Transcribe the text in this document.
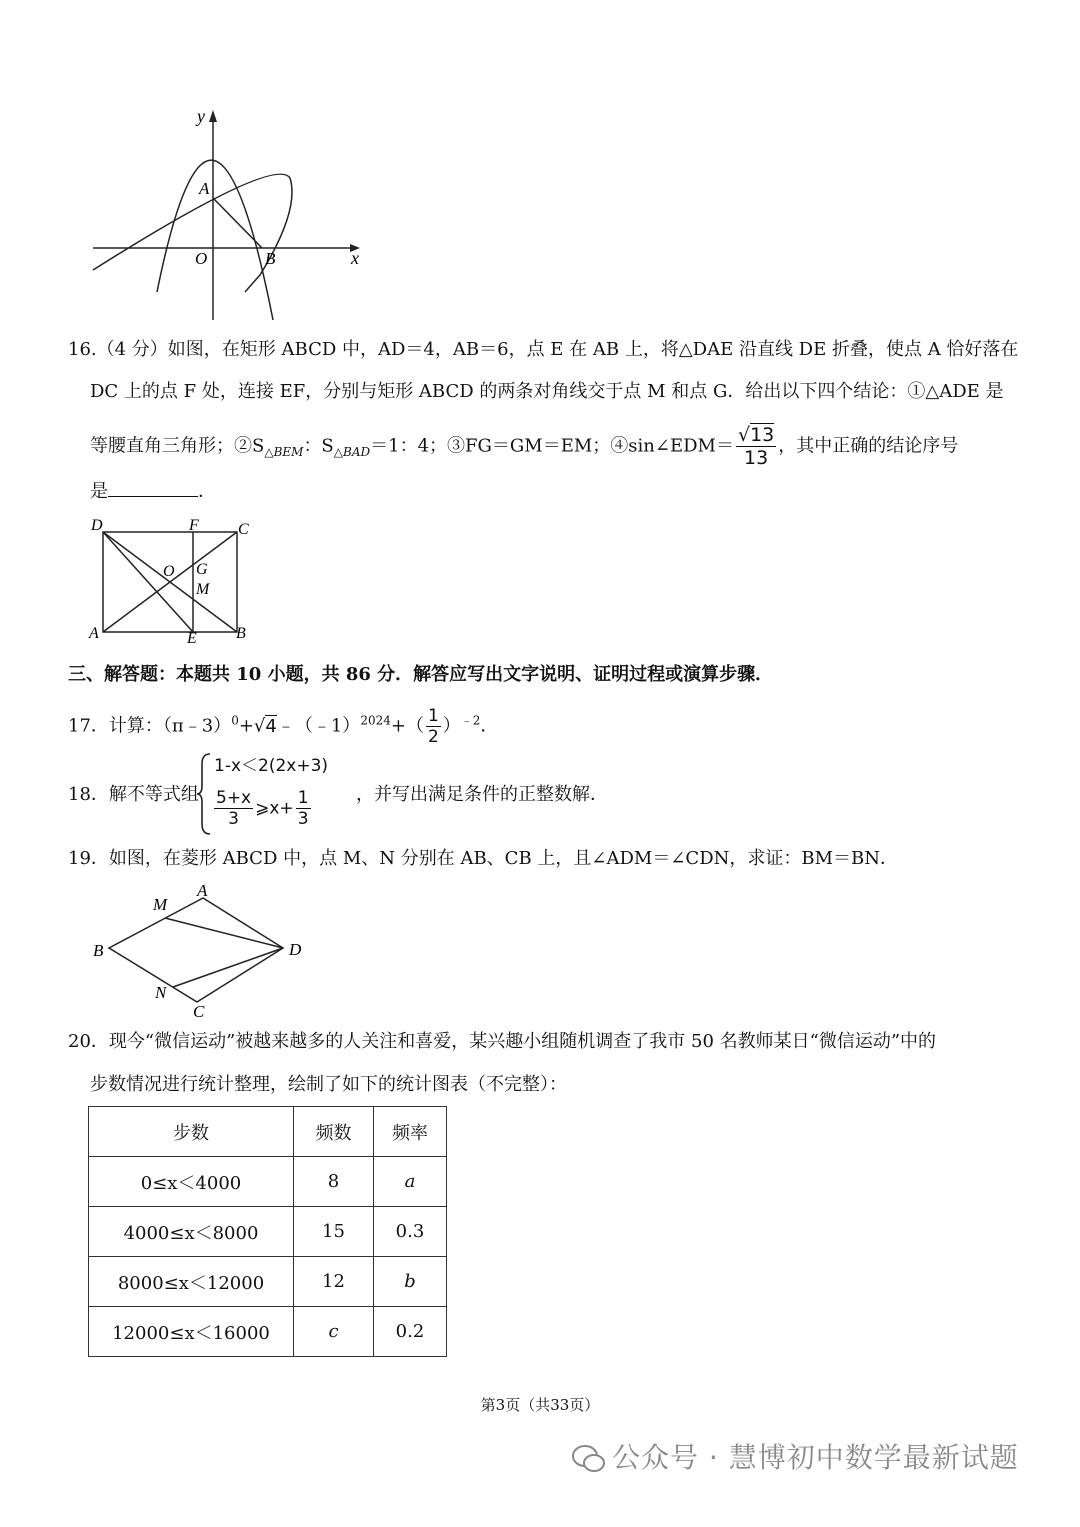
y
x
A
O	B
16.（4 分）如图，在矩形 ABCD 中，AD＝4，AB＝6，点 E 在 AB 上，将△DAE 沿直线 DE 折叠，使点 A 恰好落在
DC 上的点 F 处，连接 EF，分别与矩形 ABCD 的两条对角线交于点 M 和点 G．给出以下四个结论：①△ADE 是
等腰直角三角形；$②S_{\triangle BEM}$：$S_{\triangle BAD}=1$：4；③FG＝GM＝EM；④sin∠EDM＝ $\frac{√13}{13}$ ，其中正确的结论序号
是	．
D	F C
O G
M
A	E B
三、解答题：本题共 10 小题，共 86 分．解答应写出文字说明、证明过程或演算步骤．
17．计算：（π﹣3）$^0$+√4﹣（﹣1）$^{2024}$+（ $\frac{1}{2} )^{﹣2}$．
18．解不等式组
1-x＜2(2x+3)
$\frac{5+x}{3}$ ⩾x+ $\frac{1}{3}$	，并写出满足条件的正整数解．
19．如图，在菱形 ABCD 中，点 M、N 分别在 AB、CB 上，且∠ADM＝∠CDN，求证：BM＝BN．
A
M
B	D
N
C
20．现今“微信运动”被越来越多的人关注和喜爱，某兴趣小组随机调查了我市 50 名教师某日“微信运动”中的
步数情况进行统计整理，绘制了如下的统计图表（不完整）：
步数	频数	频率
0≤x＜4000	8	a
4000≤x＜8000	15	0.3
8000≤x＜12000	12	b
12000≤x＜16000	c	0.2
第3页（共33页）
公众号 · 慧博初中数学最新试题
